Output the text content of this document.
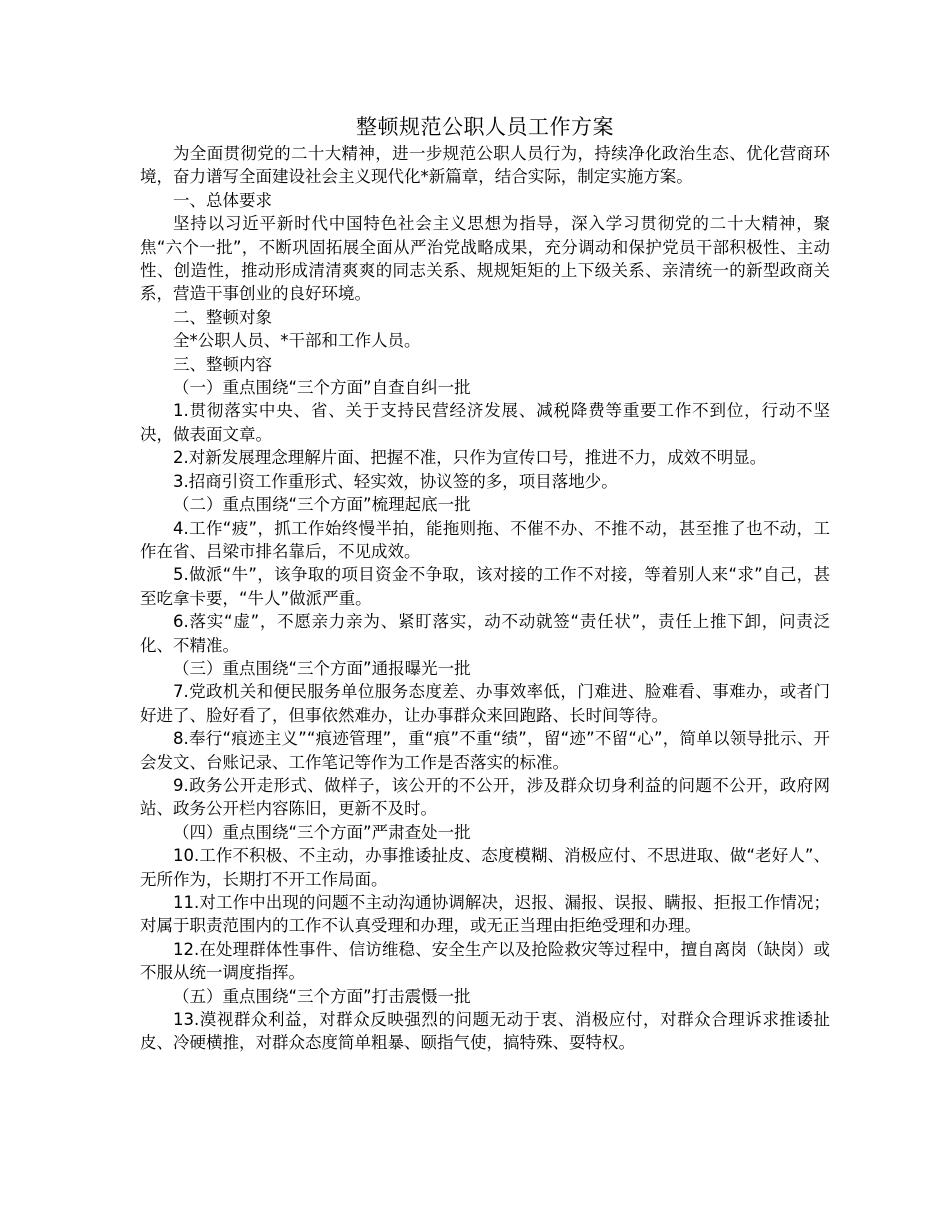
整顿规范公职人员工作方案

为全面贯彻党的二十大精神，进一步规范公职人员行为，持续净化政治生态、优化营商环境，奋力谱写全面建设社会主义现代化*新篇章，结合实际，制定实施方案。

一、总体要求

坚持以习近平新时代中国特色社会主义思想为指导，深入学习贯彻党的二十大精神，聚焦“六个一批”，不断巩固拓展全面从严治党战略成果，充分调动和保护党员干部积极性、主动性、创造性，推动形成清清爽爽的同志关系、规规矩矩的上下级关系、亲清统一的新型政商关系，营造干事创业的良好环境。

二、整顿对象

全*公职人员、*干部和工作人员。

三、整顿内容

（一）重点围绕“三个方面”自查自纠一批

1.贯彻落实中央、省、关于支持民营经济发展、减税降费等重要工作不到位，行动不坚决，做表面文章。

2.对新发展理念理解片面、把握不准，只作为宣传口号，推进不力，成效不明显。

3.招商引资工作重形式、轻实效，协议签的多，项目落地少。

（二）重点围绕“三个方面”梳理起底一批

4.工作“疲”，抓工作始终慢半拍，能拖则拖、不催不办、不推不动，甚至推了也不动，工作在省、吕梁市排名靠后，不见成效。

5.做派“牛”，该争取的项目资金不争取，该对接的工作不对接，等着别人来“求”自己，甚至吃拿卡要，“牛人”做派严重。

6.落实“虚”，不愿亲力亲为、紧盯落实，动不动就签“责任状”，责任上推下卸，问责泛化、不精准。

（三）重点围绕“三个方面”通报曝光一批

7.党政机关和便民服务单位服务态度差、办事效率低，门难进、脸难看、事难办，或者门好进了、脸好看了，但事依然难办，让办事群众来回跑路、长时间等待。

8.奉行“痕迹主义”“痕迹管理”，重“痕”不重“绩”，留“迹”不留“心”，简单以领导批示、开会发文、台账记录、工作笔记等作为工作是否落实的标准。

9.政务公开走形式、做样子，该公开的不公开，涉及群众切身利益的问题不公开，政府网站、政务公开栏内容陈旧，更新不及时。

（四）重点围绕“三个方面”严肃查处一批

10.工作不积极、不主动，办事推诿扯皮、态度模糊、消极应付、不思进取、做“老好人”、无所作为，长期打不开工作局面。

11.对工作中出现的问题不主动沟通协调解决，迟报、漏报、误报、瞒报、拒报工作情况；对属于职责范围内的工作不认真受理和办理，或无正当理由拒绝受理和办理。

12.在处理群体性事件、信访维稳、安全生产以及抢险救灾等过程中，擅自离岗（缺岗）或不服从统一调度指挥。

（五）重点围绕“三个方面”打击震慑一批

13.漠视群众利益，对群众反映强烈的问题无动于衷、消极应付，对群众合理诉求推诿扯皮、冷硬横推，对群众态度简单粗暴、颐指气使，搞特殊、耍特权。
